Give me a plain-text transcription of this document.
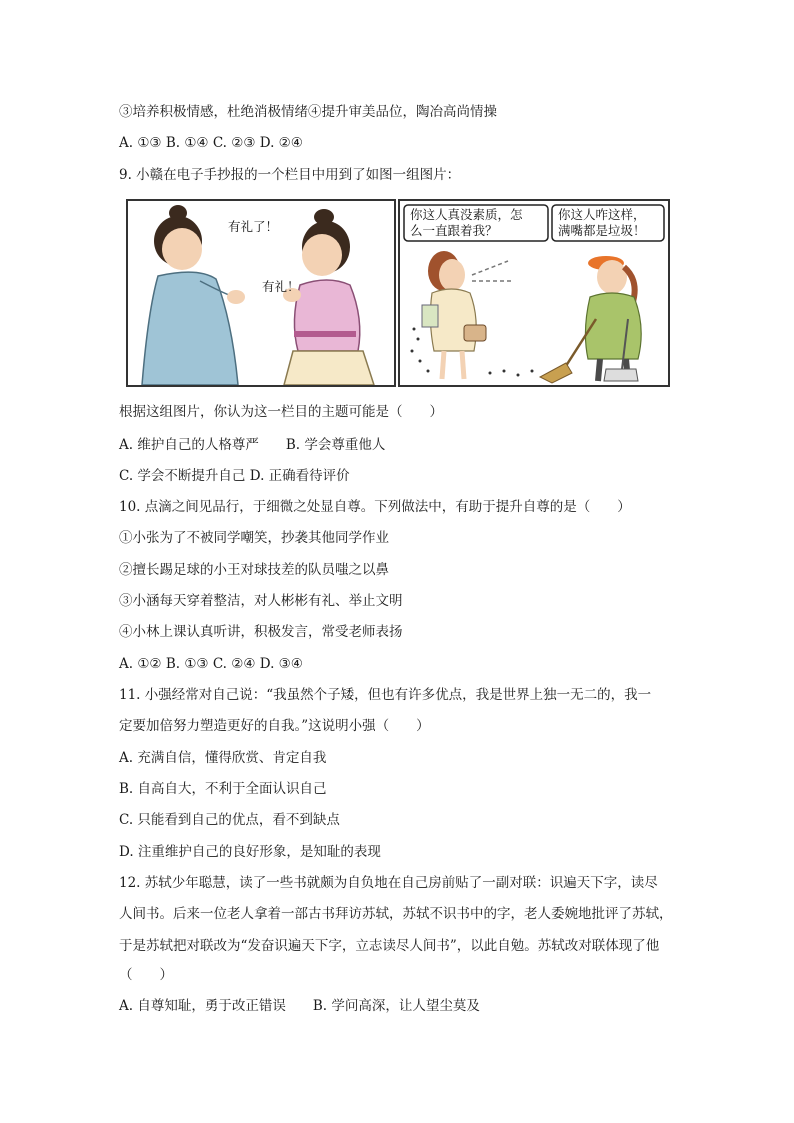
③培养积极情感，杜绝消极情绪④提升审美品位，陶冶高尚情操
A. ①③ B. ①④ C. ②③ D. ②④
9. 小赣在电子手抄报的一个栏目中用到了如图一组图片：
有礼了！
有礼！
你这人真没素质，怎
么一直跟着我？
你这人咋这样，
满嘴都是垃圾！
根据这组图片，你认为这一栏目的主题可能是（　　）
A. 维护自己的人格尊严　　B. 学会尊重他人
C. 学会不断提升自己 D. 正确看待评价
10. 点滴之间见品行，于细微之处显自尊。下列做法中，有助于提升自尊的是（　　）
①小张为了不被同学嘲笑，抄袭其他同学作业
②擅长踢足球的小王对球技差的队员嗤之以鼻
③小涵每天穿着整洁，对人彬彬有礼、举止文明
④小林上课认真听讲，积极发言，常受老师表扬
A. ①② B. ①③ C. ②④ D. ③④
11. 小强经常对自己说：“我虽然个子矮，但也有许多优点，我是世界上独一无二的，我一
定要加倍努力塑造更好的自我。”这说明小强（　　）
A. 充满自信，懂得欣赏、肯定自我
B. 自高自大，不利于全面认识自己
C. 只能看到自己的优点，看不到缺点
D. 注重维护自己的良好形象，是知耻的表现
12. 苏轼少年聪慧，读了一些书就颇为自负地在自己房前贴了一副对联：识遍天下字，读尽
人间书。后来一位老人拿着一部古书拜访苏轼，苏轼不识书中的字，老人委婉地批评了苏轼，
于是苏轼把对联改为“发奋识遍天下字，立志读尽人间书”，以此自勉。苏轼改对联体现了他
（　　）
A. 自尊知耻，勇于改正错误　　B. 学问高深，让人望尘莫及
